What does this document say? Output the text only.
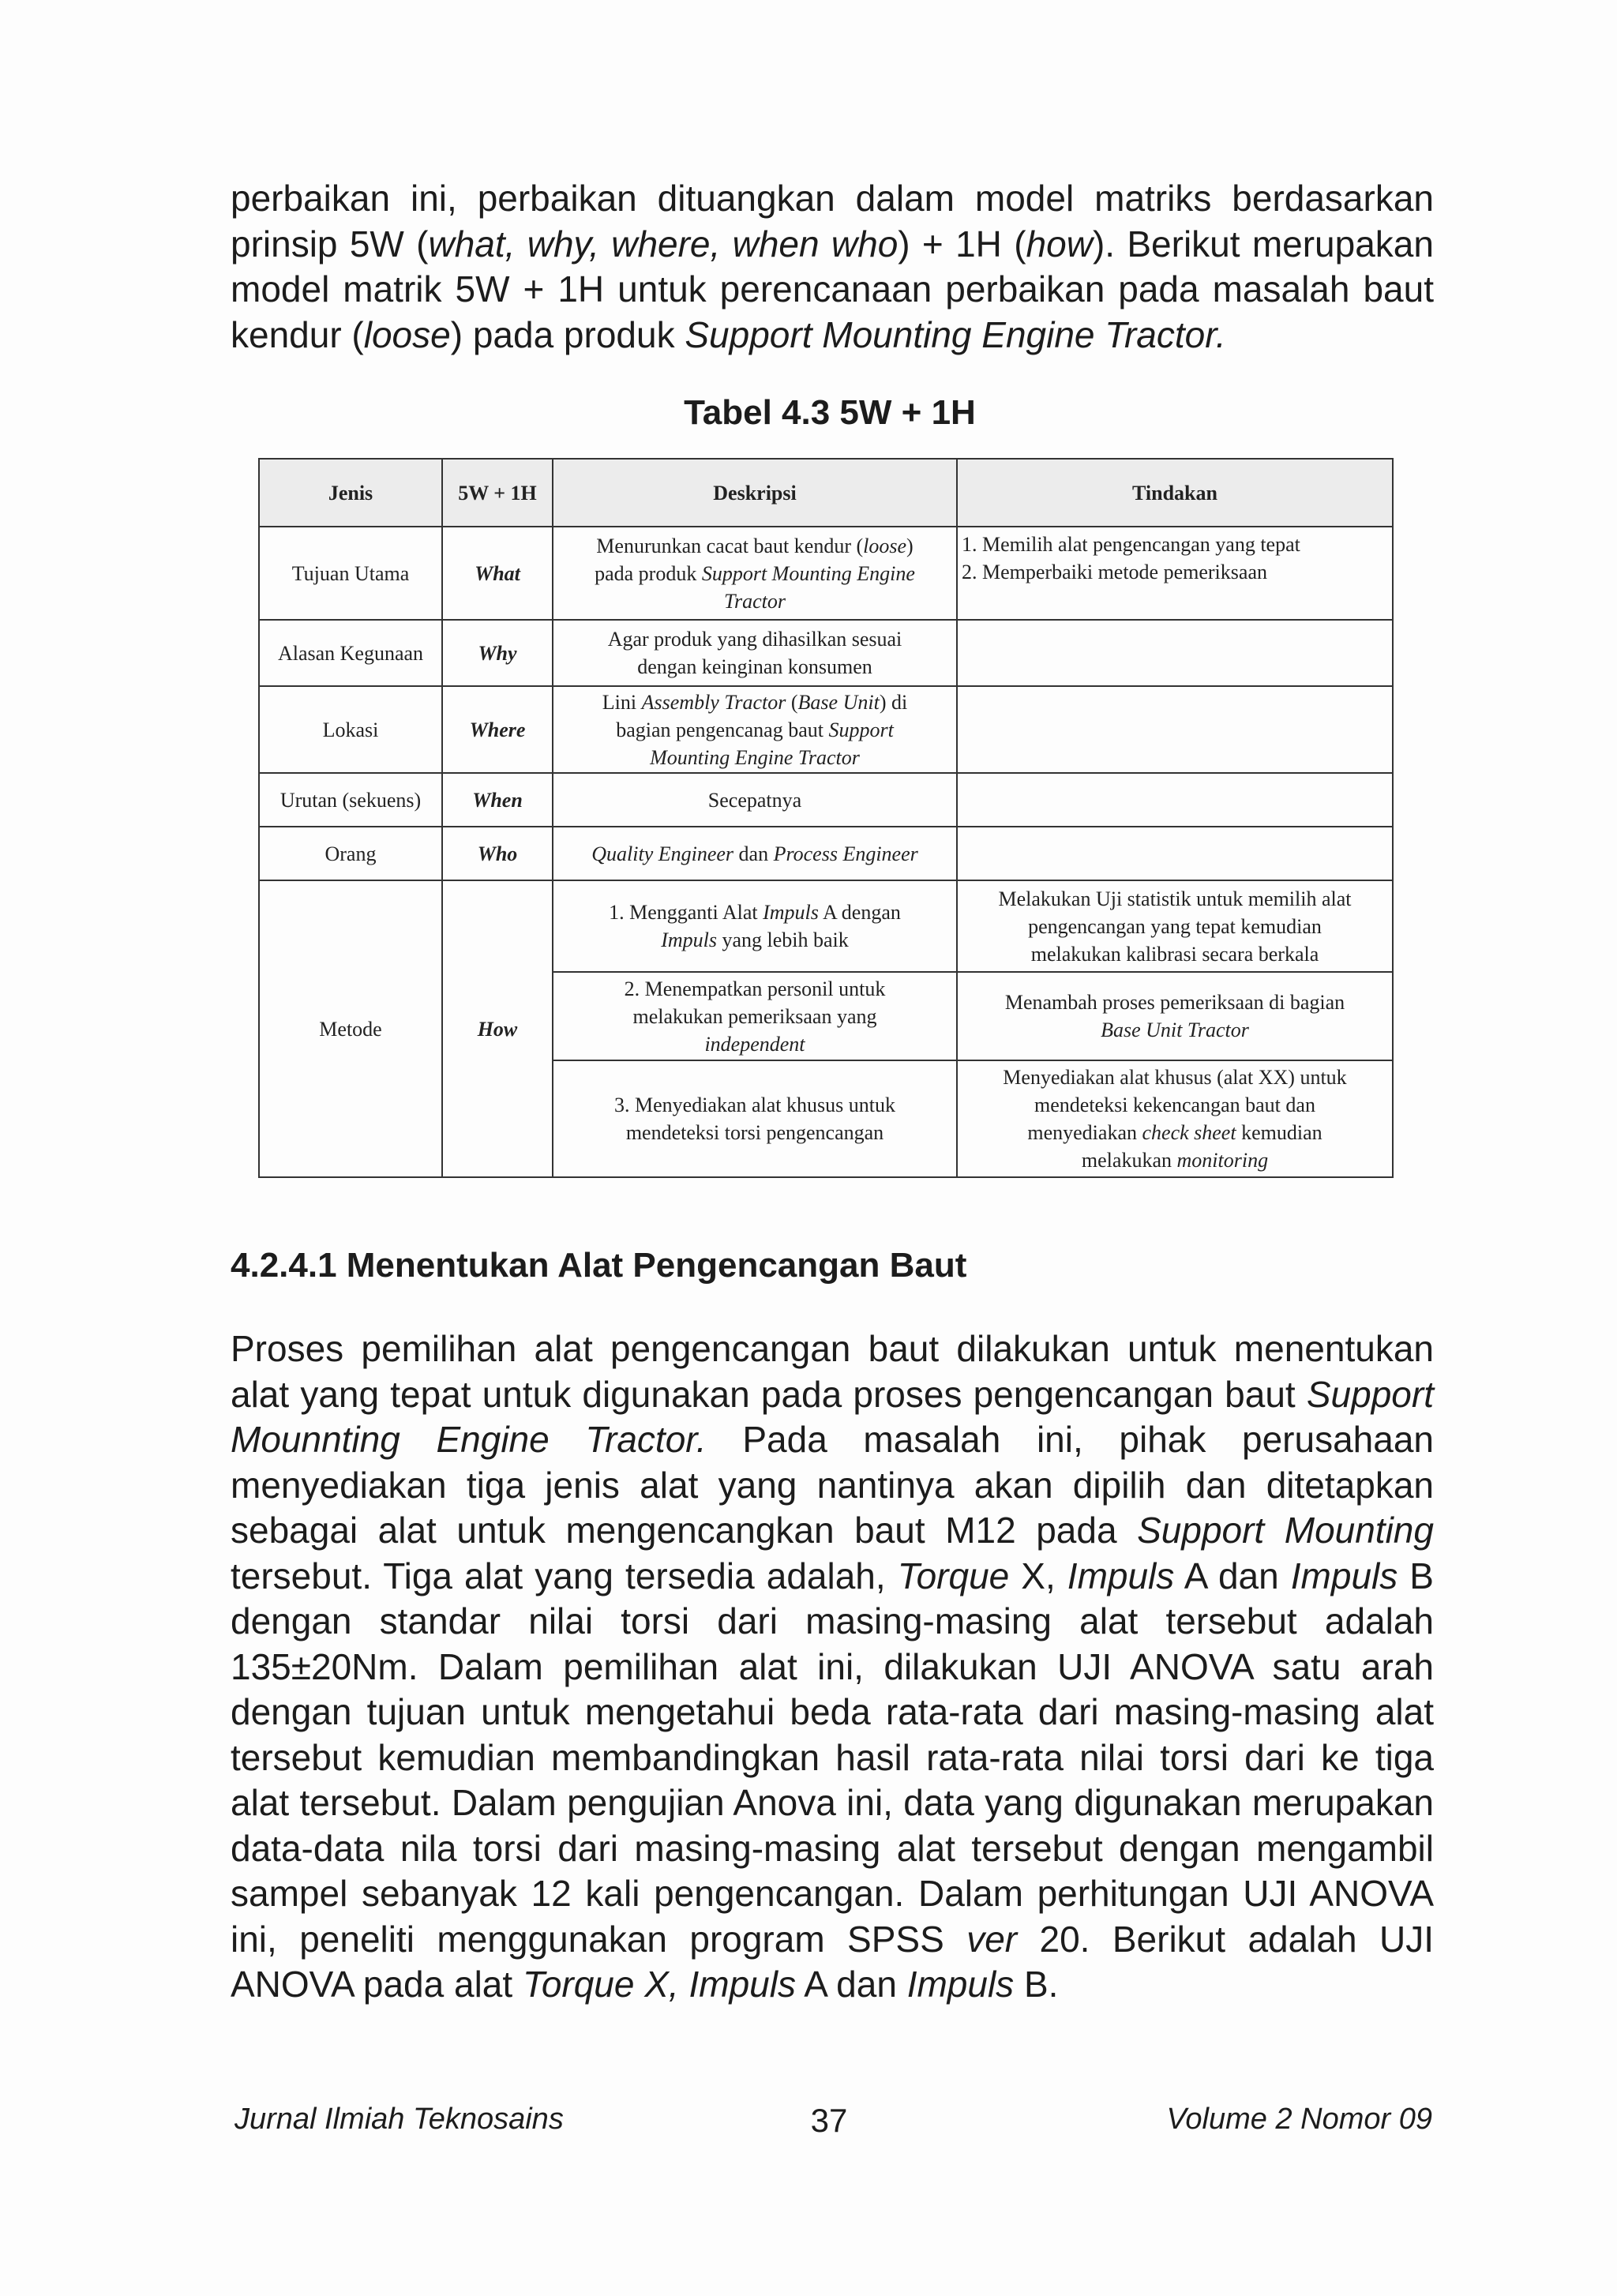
perbaikan ini, perbaikan dituangkan dalam model matriks berdasarkan prinsip 5W (what, why, where, when who) + 1H (how). Berikut merupakan model matrik 5W + 1H untuk perencanaan perbaikan pada masalah baut kendur (loose) pada produk Support Mounting Engine Tractor.

Tabel 4.3 5W + 1H
Jenis	5W + 1H	Deskripsi	Tindakan
Tujuan Utama	What	Menurunkan cacat baut kendur (loose)
pada produk Support Mounting Engine
Tractor	1. Memilih alat pengencangan yang tepat
2. Memperbaiki metode pemeriksaan

Alasan Kegunaan	Why	Agar produk yang dihasilkan sesuai
dengan keinginan konsumen	

Lokasi	Where	Lini Assembly Tractor (Base Unit) di
bagian pengencanag baut Support
Mounting Engine Tractor	

Urutan (sekuens)	When	Secepatnya	

Orang	Who	Quality Engineer dan Process Engineer	

Metode	How	1. Mengganti Alat Impuls A dengan
Impuls yang lebih baik	Melakukan Uji statistik untuk memilih alat
pengencangan yang tepat kemudian
melakukan kalibrasi secara berkala

		2. Menempatkan personil untuk
melakukan pemeriksaan yang
independent	Menambah proses pemeriksaan di bagian
Base Unit Tractor

		3. Menyediakan alat khusus untuk
mendeteksi torsi pengencangan	Menyediakan alat khusus (alat XX) untuk
mendeteksi kekencangan baut dan
menyediakan check sheet kemudian
melakukan monitoring
4.2.4.1 Menentukan Alat Pengencangan Baut

Proses pemilihan alat pengencangan baut dilakukan untuk menentukan alat yang tepat untuk digunakan pada proses pengencangan baut Support Mounnting Engine Tractor. Pada masalah ini, pihak perusahaan menyediakan tiga jenis alat yang nantinya akan dipilih dan ditetapkan sebagai alat untuk mengencangkan baut M12 pada Support Mounting tersebut. Tiga alat yang tersedia adalah, Torque X, Impuls A dan Impuls B dengan standar nilai torsi dari masing-masing alat tersebut adalah 135±20Nm. Dalam pemilihan alat ini, dilakukan UJI ANOVA satu arah dengan tujuan untuk mengetahui beda rata-rata dari masing-masing alat tersebut kemudian membandingkan hasil rata-rata nilai torsi dari ke tiga alat tersebut. Dalam pengujian Anova ini, data yang digunakan merupakan data-data nila torsi dari masing-masing alat tersebut dengan mengambil sampel sebanyak 12 kali pengencangan. Dalam perhitungan UJI ANOVA ini, peneliti menggunakan program SPSS ver 20. Berikut adalah UJI ANOVA pada alat Torque X, Impuls A dan Impuls B.

Jurnal Ilmiah Teknosains	37	Volume 2 Nomor 09
